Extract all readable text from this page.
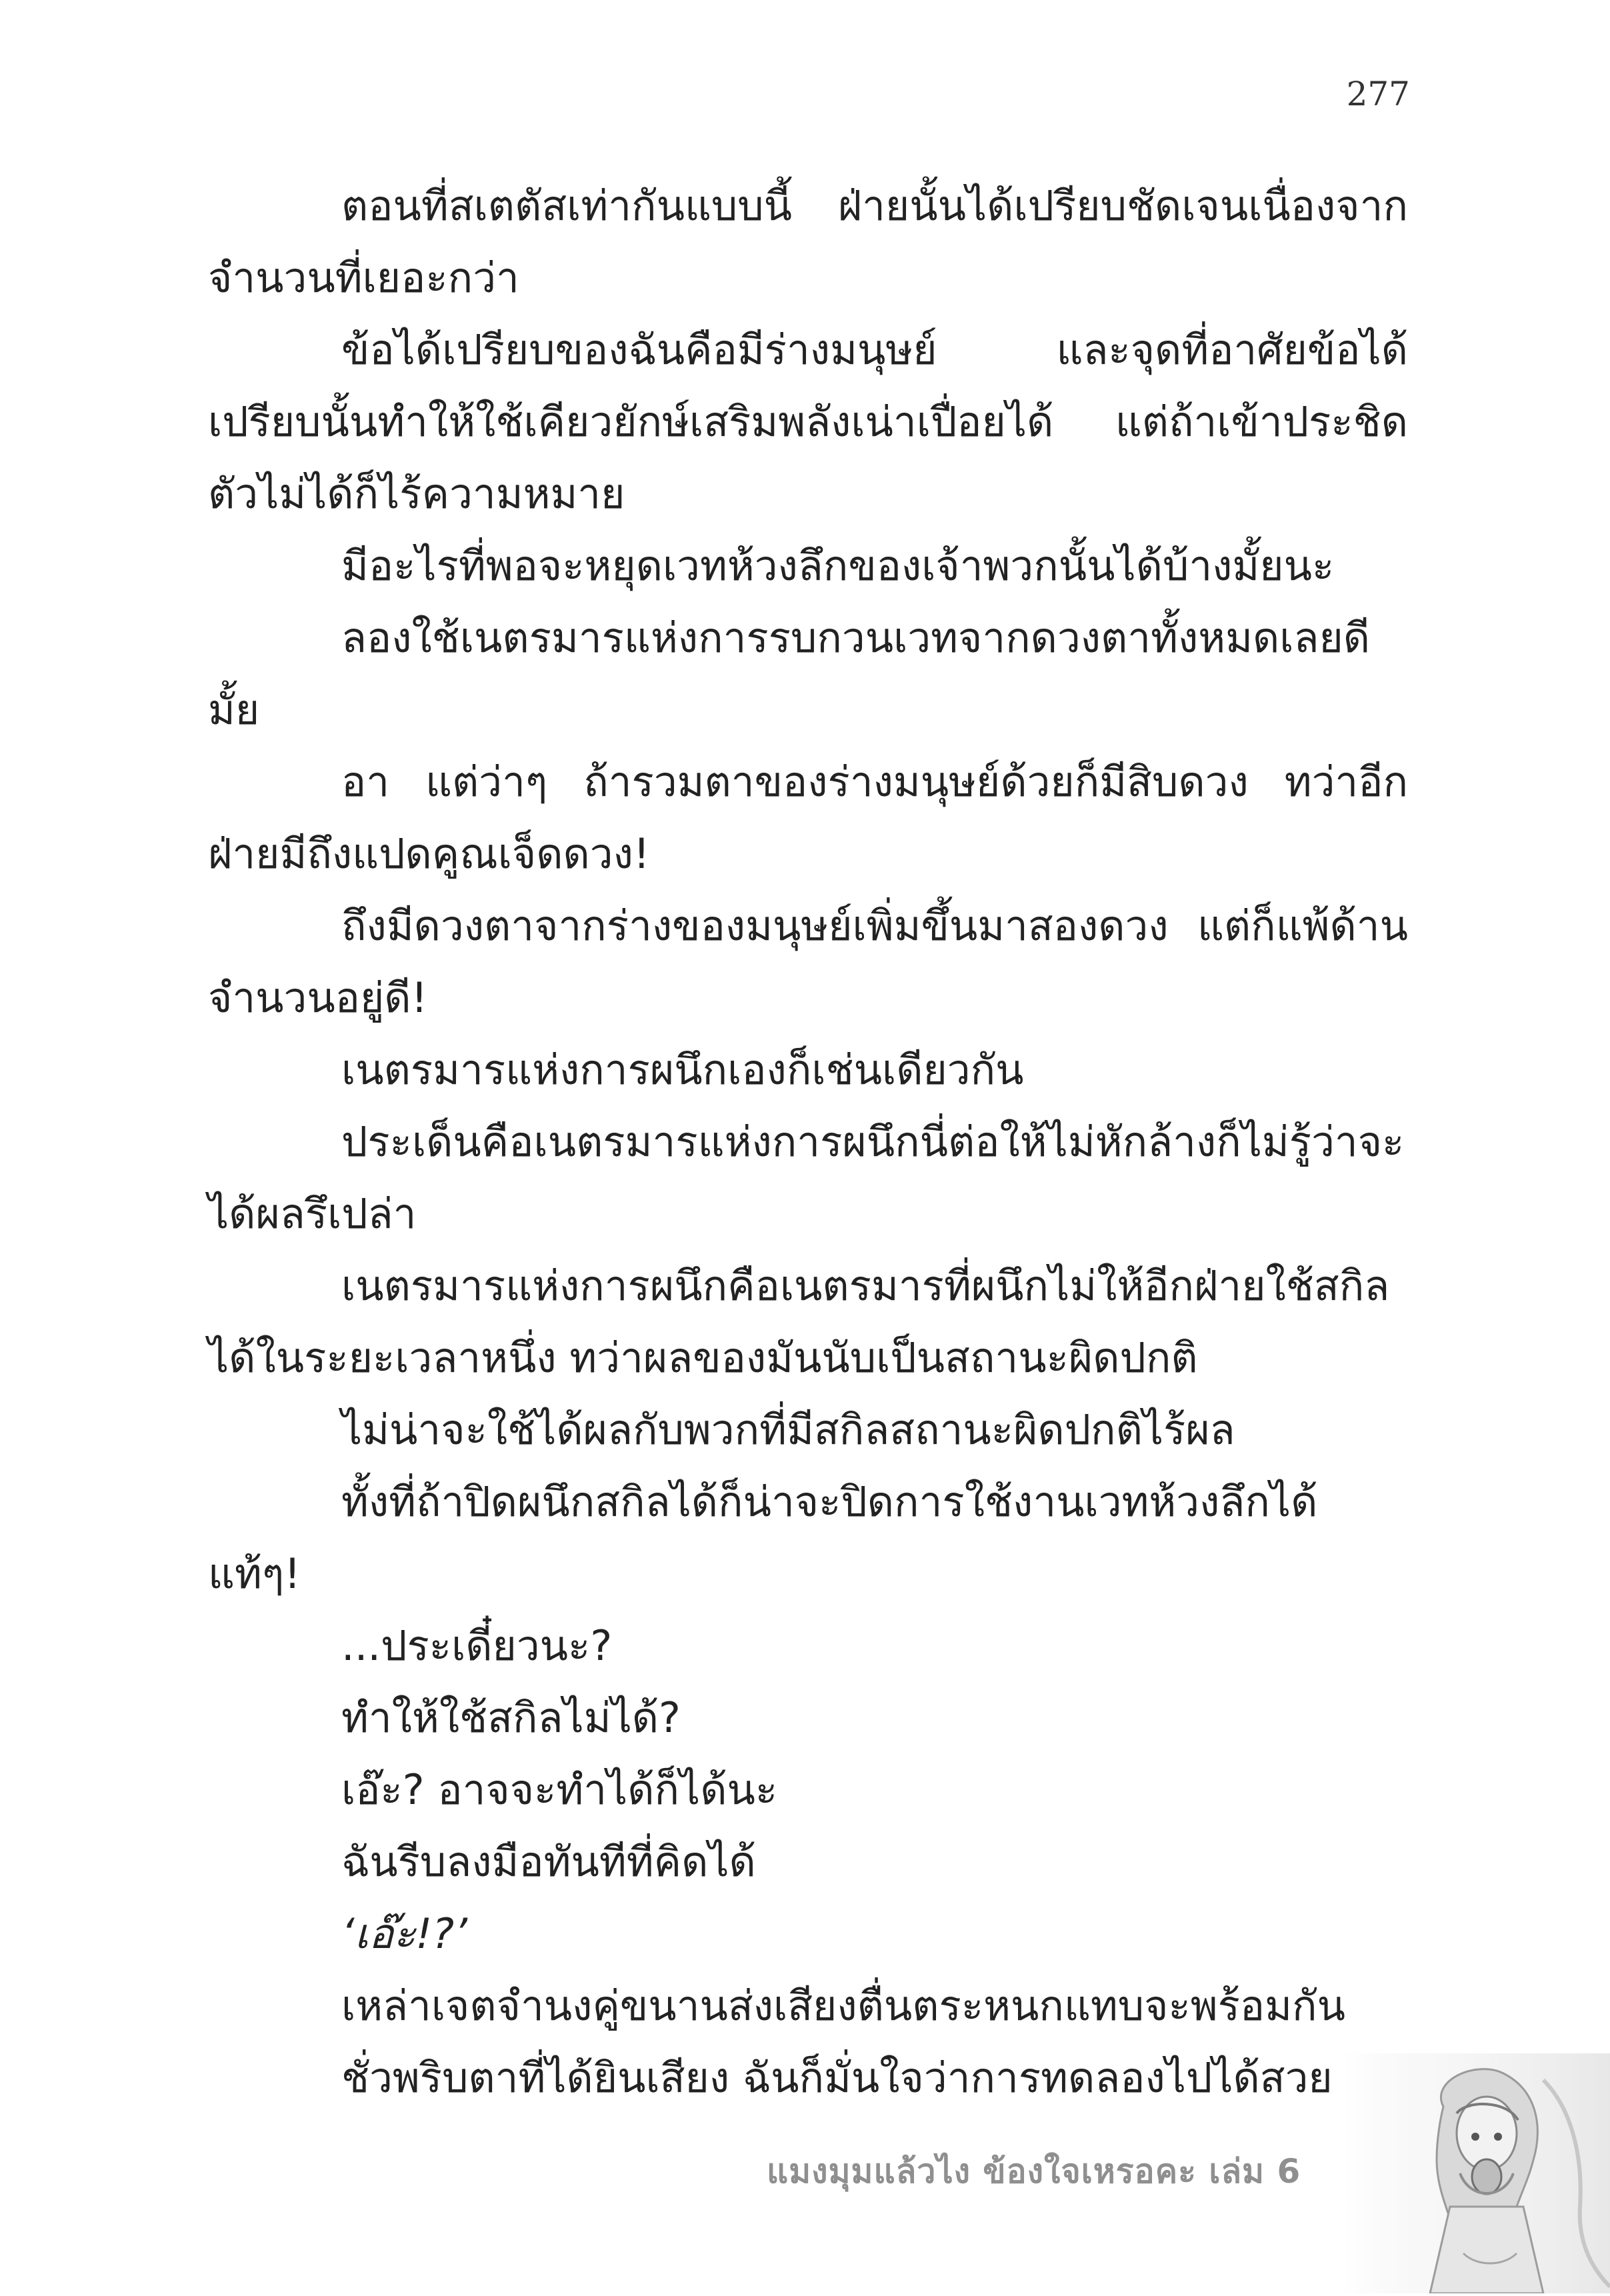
277

ตอนที่สเตตัสเท่ากันแบบนี้ ฝ่ายนั้นได้เปรียบชัดเจนเนื่องจากจำนวนที่เยอะกว่า

ข้อได้เปรียบของฉันคือมีร่างมนุษย์ และจุดที่อาศัยข้อได้เปรียบนั้นทำให้ใช้เคียวยักษ์เสริมพลังเน่าเปื่อยได้ แต่ถ้าเข้าประชิดตัวไม่ได้ก็ไร้ความหมาย

มีอะไรที่พอจะหยุดเวทห้วงลึกของเจ้าพวกนั้นได้บ้างมั้ยนะ

ลองใช้เนตรมารแห่งการรบกวนเวทจากดวงตาทั้งหมดเลยดีมั้ย

อา แต่ว่าๆ ถ้ารวมตาของร่างมนุษย์ด้วยก็มีสิบดวง ทว่าอีกฝ่ายมีถึงแปดคูณเจ็ดดวง!

ถึงมีดวงตาจากร่างของมนุษย์เพิ่มขึ้นมาสองดวง แต่ก็แพ้ด้านจำนวนอยู่ดี!

เนตรมารแห่งการผนึกเองก็เช่นเดียวกัน

ประเด็นคือเนตรมารแห่งการผนึกนี่ต่อให้ไม่หักล้างก็ไม่รู้ว่าจะได้ผลรึเปล่า

เนตรมารแห่งการผนึกคือเนตรมารที่ผนึกไม่ให้อีกฝ่ายใช้สกิลได้ในระยะเวลาหนึ่ง ทว่าผลของมันนับเป็นสถานะผิดปกติ

ไม่น่าจะใช้ได้ผลกับพวกที่มีสกิลสถานะผิดปกติไร้ผล

ทั้งที่ถ้าปิดผนึกสกิลได้ก็น่าจะปิดการใช้งานเวทห้วงลึกได้แท้ๆ!

...ประเดี๋ยวนะ?

ทำให้ใช้สกิลไม่ได้?

เอ๊ะ? อาจจะทำได้ก็ได้นะ

ฉันรีบลงมือทันทีที่คิดได้

‘เอ๊ะ!?’

เหล่าเจตจำนงคู่ขนานส่งเสียงตื่นตระหนกแทบจะพร้อมกัน

ชั่วพริบตาที่ได้ยินเสียง ฉันก็มั่นใจว่าการทดลองไปได้สวย

แมงมุมแล้วไง ข้องใจเหรอคะ เล่ม 6
